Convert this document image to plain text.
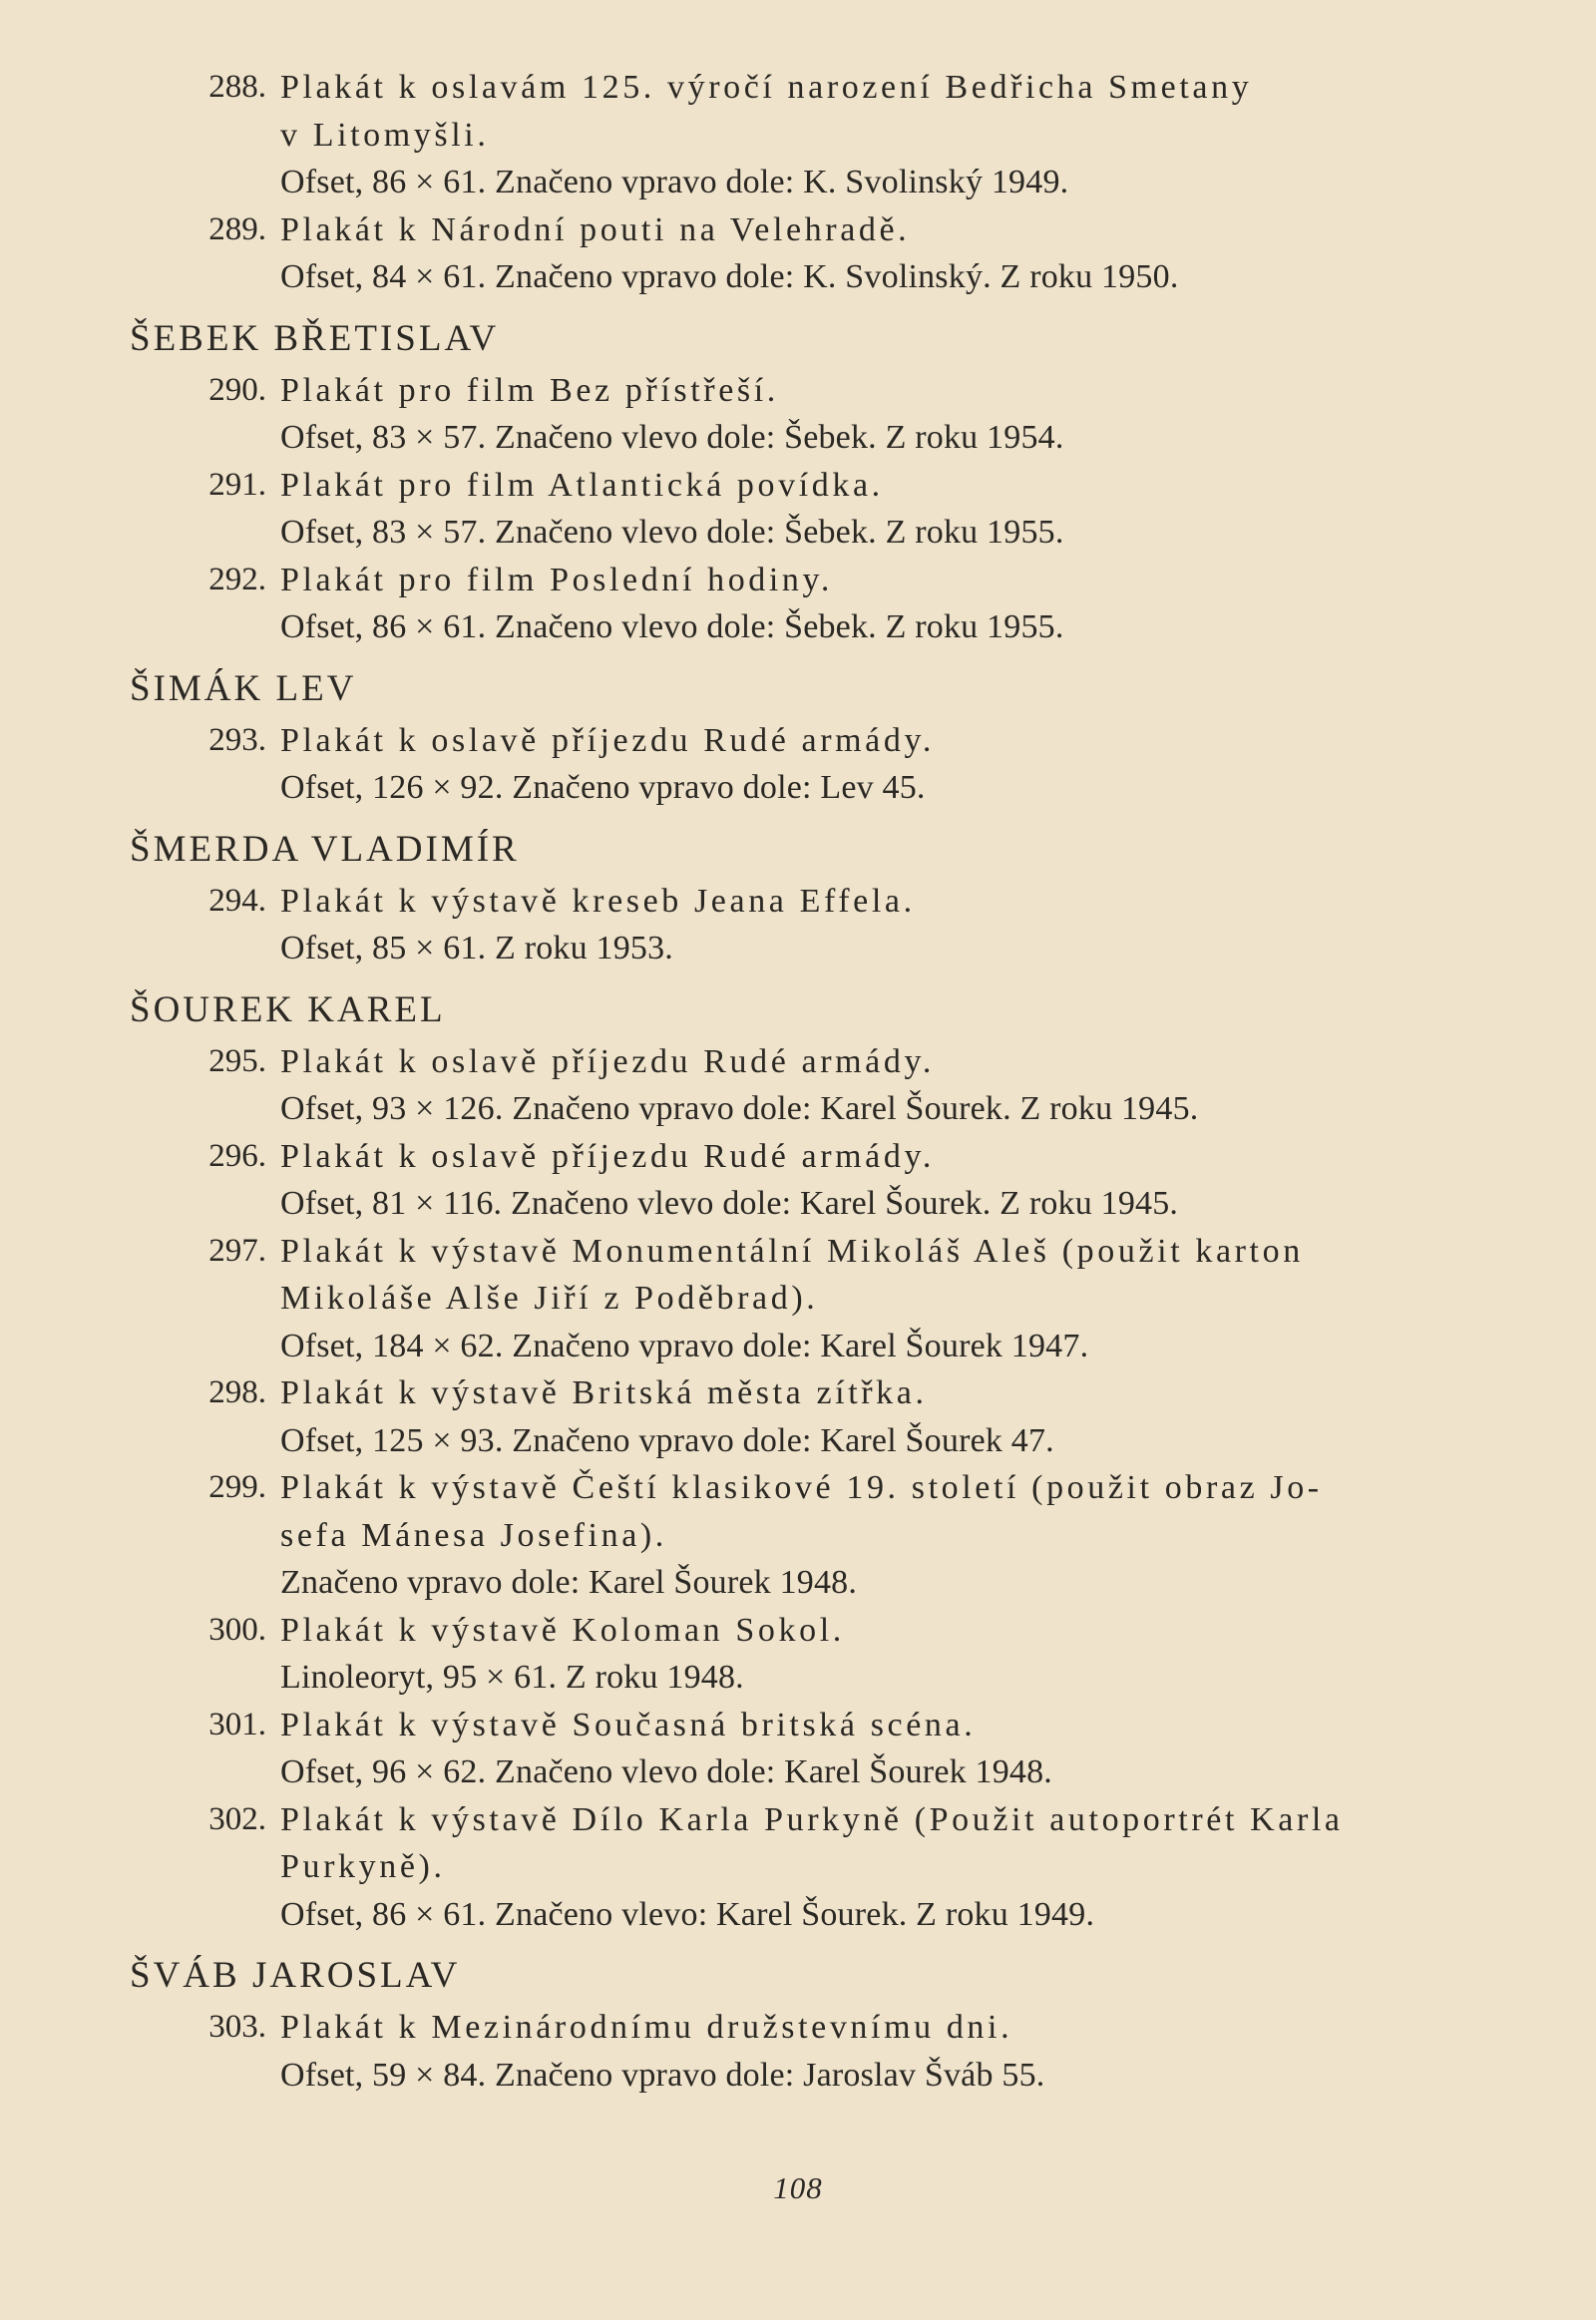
288. Plakát k oslavám 125. výročí narození Bedřicha Smetany
v Litomyšli.
Ofset, 86 × 61. Značeno vpravo dole: K. Svolinský 1949.
289. Plakát k Národní pouti na Velehradě.
Ofset, 84 × 61. Značeno vpravo dole: K. Svolinský. Z roku 1950.
ŠEBEK BŘETISLAV
290. Plakát pro film Bez přístřeší.
Ofset, 83 × 57. Značeno vlevo dole: Šebek. Z roku 1954.
291. Plakát pro film Atlantická povídka.
Ofset, 83 × 57. Značeno vlevo dole: Šebek. Z roku 1955.
292. Plakát pro film Poslední hodiny.
Ofset, 86 × 61. Značeno vlevo dole: Šebek. Z roku 1955.
ŠIMÁK LEV
293. Plakát k oslavě příjezdu Rudé armády.
Ofset, 126 × 92. Značeno vpravo dole: Lev 45.
ŠMERDA VLADIMÍR
294. Plakát k výstavě kreseb Jeana Effela.
Ofset, 85 × 61. Z roku 1953.
ŠOUREK KAREL
295. Plakát k oslavě příjezdu Rudé armády.
Ofset, 93 × 126. Značeno vpravo dole: Karel Šourek. Z roku 1945.
296. Plakát k oslavě příjezdu Rudé armády.
Ofset, 81 × 116. Značeno vlevo dole: Karel Šourek. Z roku 1945.
297. Plakát k výstavě Monumentální Mikoláš Aleš (použit karton
Mikoláše Alše Jiří z Poděbrad).
Ofset, 184 × 62. Značeno vpravo dole: Karel Šourek 1947.
298. Plakát k výstavě Britská města zítřka.
Ofset, 125 × 93. Značeno vpravo dole: Karel Šourek 47.
299. Plakát k výstavě Čeští klasikové 19. století (použit obraz Jo-
sefa Mánesa Josefina).
Značeno vpravo dole: Karel Šourek 1948.
300. Plakát k výstavě Koloman Sokol.
Linoleoryt, 95 × 61. Z roku 1948.
301. Plakát k výstavě Současná britská scéna.
Ofset, 96 × 62. Značeno vlevo dole: Karel Šourek 1948.
302. Plakát k výstavě Dílo Karla Purkyně (Použit autoportrét Karla
Purkyně).
Ofset, 86 × 61. Značeno vlevo: Karel Šourek. Z roku 1949.
ŠVÁB JAROSLAV
303. Plakát k Mezinárodnímu družstevnímu dni.
Ofset, 59 × 84. Značeno vpravo dole: Jaroslav Šváb 55.
108
